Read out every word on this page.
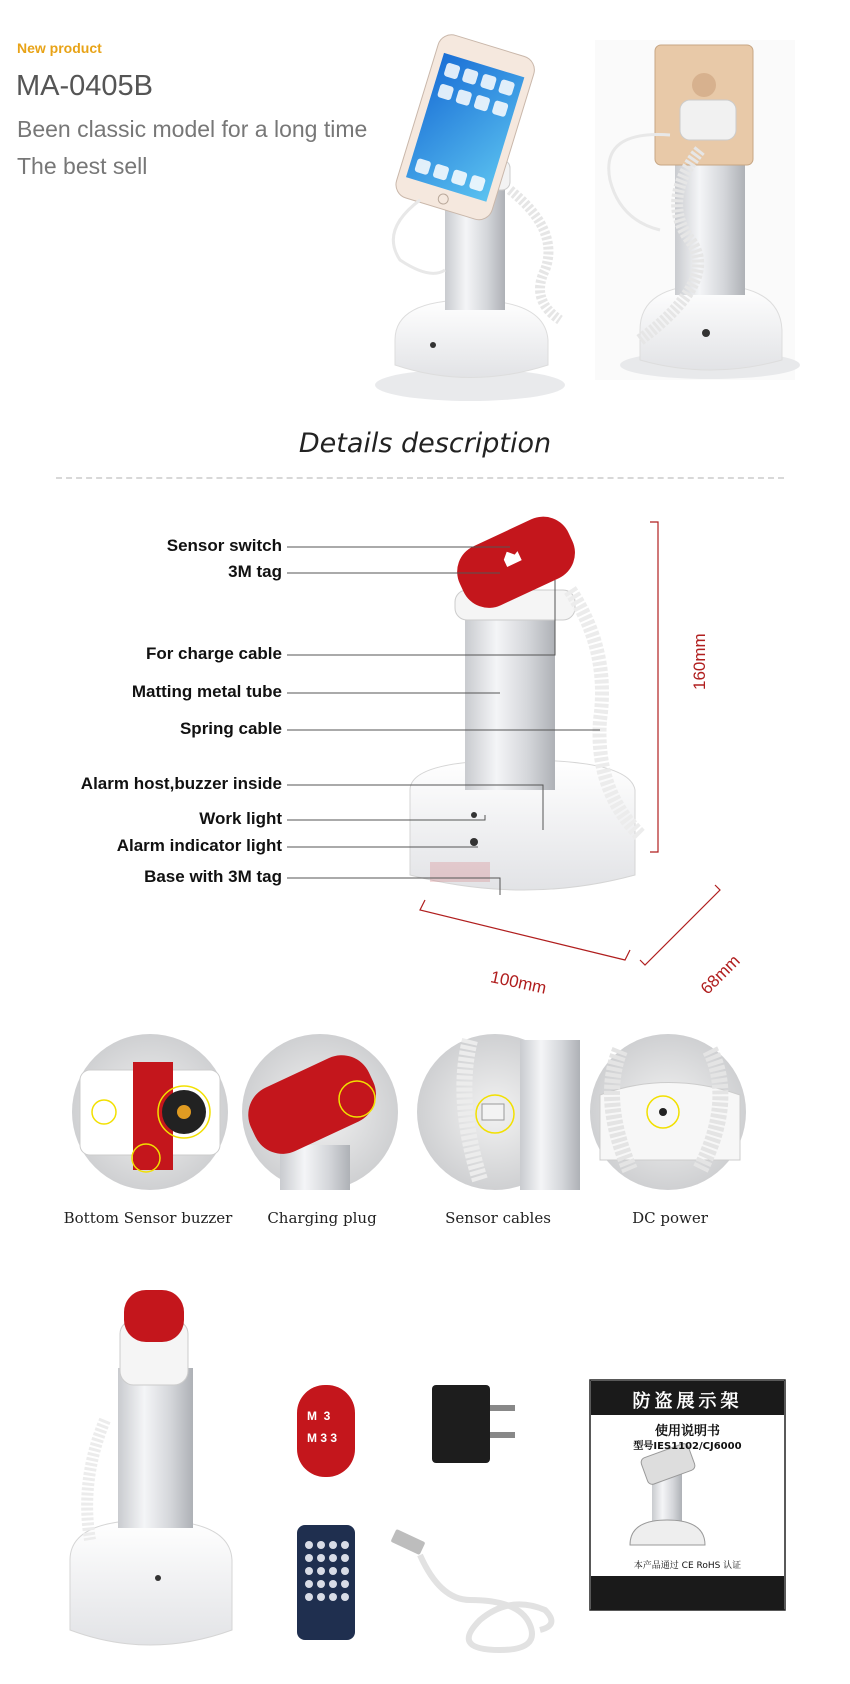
New product
MA-0405B
Been classic model for a long time
The best sell
Details description
Sensor switch
3M tag
For charge cable
Matting metal tube
Spring cable
Alarm host,buzzer inside
Work light
Alarm indicator light
Base with 3M tag
160mm
100mm	68mm
Bottom Sensor buzzer	Charging plug	Sensor cables	DC power
M 3
M 3 3
防盗展示架
使用说明书
型号IES1102/CJ6000
本产品通过 CE RoHS 认证
